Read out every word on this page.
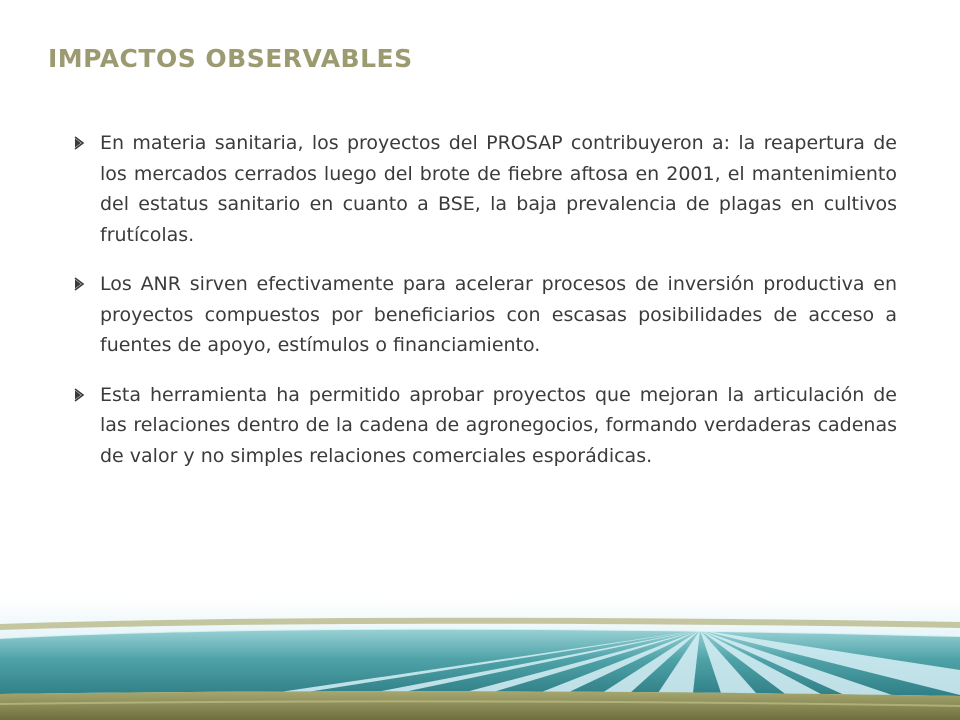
IMPACTOS OBSERVABLES
En materia sanitaria, los proyectos del PROSAP contribuyeron a: la reapertura de los mercados cerrados luego del brote de fiebre aftosa en 2001, el mantenimiento del estatus sanitario en cuanto a BSE, la baja prevalencia de plagas en cultivos frutícolas.
Los ANR sirven efectivamente para acelerar procesos de inversión productiva en proyectos compuestos por beneficiarios con escasas posibilidades de acceso a fuentes de apoyo, estímulos o financiamiento.
Esta herramienta ha permitido aprobar proyectos que mejoran la articulación de las relaciones dentro de la cadena de agronegocios, formando verdaderas cadenas de valor y no simples relaciones comerciales esporádicas.
